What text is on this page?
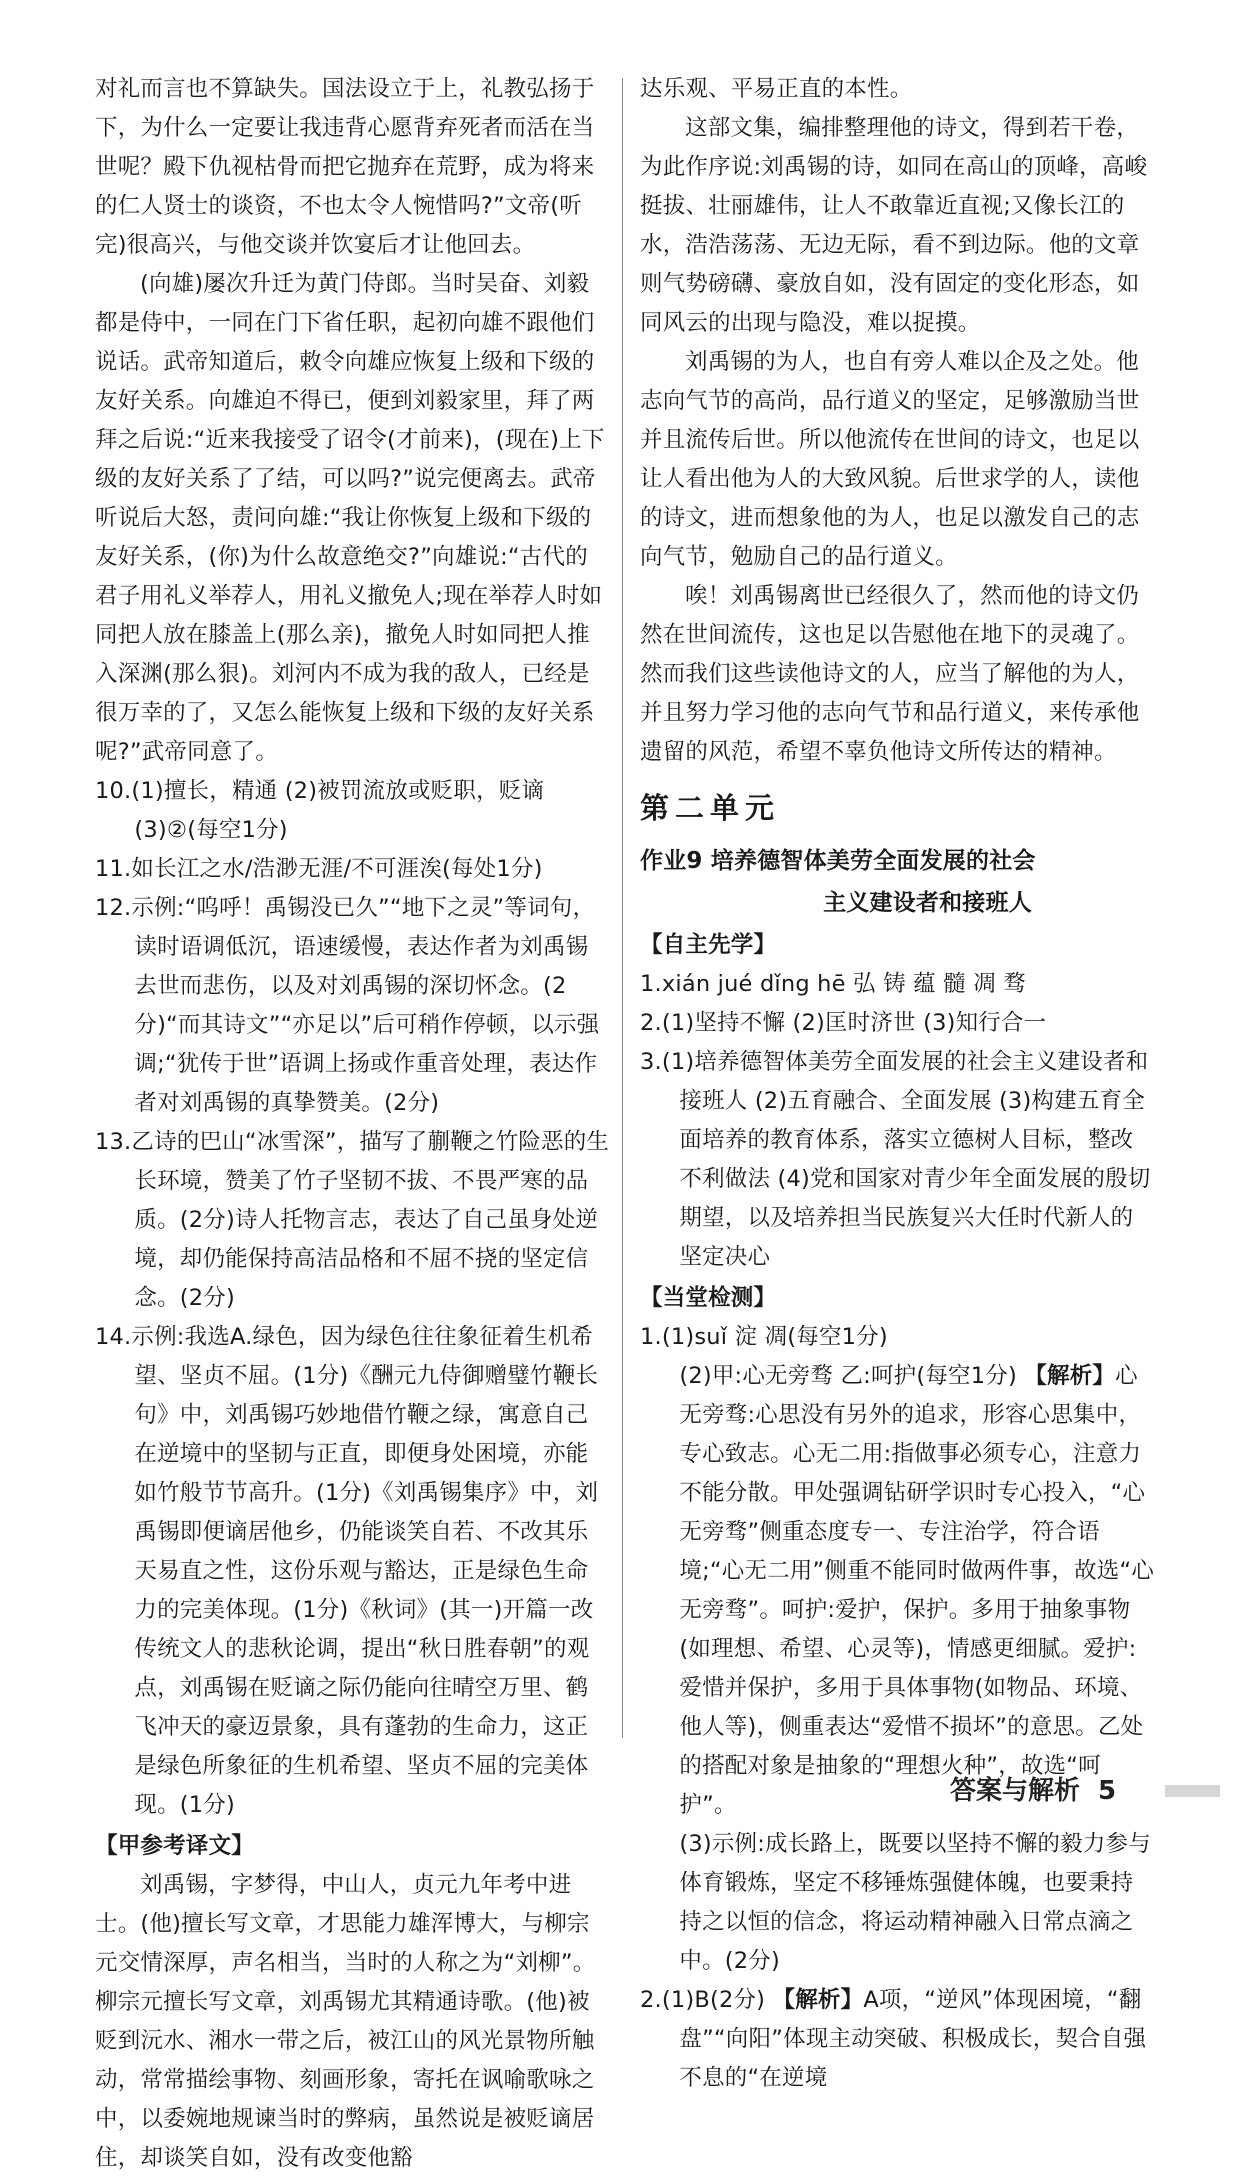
对礼而言也不算缺失。国法设立于上，礼教弘扬于下，为什么一定要让我违背心愿背弃死者而活在当世呢？殿下仇视枯骨而把它抛弃在荒野，成为将来的仁人贤士的谈资，不也太令人惋惜吗?”文帝(听完)很高兴，与他交谈并饮宴后才让他回去。

(向雄)屡次升迁为黄门侍郎。当时吴奋、刘毅都是侍中，一同在门下省任职，起初向雄不跟他们说话。武帝知道后，敕令向雄应恢复上级和下级的友好关系。向雄迫不得已，便到刘毅家里，拜了两拜之后说:“近来我接受了诏令(才前来)，(现在)上下级的友好关系了了结，可以吗?”说完便离去。武帝听说后大怒，责问向雄:“我让你恢复上级和下级的友好关系，(你)为什么故意绝交?”向雄说:“古代的君子用礼义举荐人，用礼义撤免人;现在举荐人时如同把人放在膝盖上(那么亲)，撤免人时如同把人推入深渊(那么狠)。刘河内不成为我的敌人，已经是很万幸的了，又怎么能恢复上级和下级的友好关系呢?”武帝同意了。

10.(1)擅长，精通 (2)被罚流放或贬职，贬谪 (3)②(每空1分)

11.如长江之水/浩渺无涯/不可涯涘(每处1分)

12.示例:“呜呼！禹锡没已久”“地下之灵”等词句，读时语调低沉，语速缓慢，表达作者为刘禹锡去世而悲伤，以及对刘禹锡的深切怀念。(2分)“而其诗文”“亦足以”后可稍作停顿，以示强调;“犹传于世”语调上扬或作重音处理，表达作者对刘禹锡的真挚赞美。(2分)

13.乙诗的巴山“冰雪深”，描写了蒯鞭之竹险恶的生长环境，赞美了竹子坚韧不拔、不畏严寒的品质。(2分)诗人托物言志，表达了自己虽身处逆境，却仍能保持高洁品格和不屈不挠的坚定信念。(2分)

14.示例:我选A.绿色，因为绿色往往象征着生机希望、坚贞不屈。(1分)《酬元九侍御赠璧竹鞭长句》中，刘禹锡巧妙地借竹鞭之绿，寓意自己在逆境中的坚韧与正直，即便身处困境，亦能如竹般节节高升。(1分)《刘禹锡集序》中，刘禹锡即便谪居他乡，仍能谈笑自若、不改其乐天易直之性，这份乐观与豁达，正是绿色生命力的完美体现。(1分)《秋词》(其一)开篇一改传统文人的悲秋论调，提出“秋日胜春朝”的观点，刘禹锡在贬谪之际仍能向往晴空万里、鹤飞冲天的豪迈景象，具有蓬勃的生命力，这正是绿色所象征的生机希望、坚贞不屈的完美体现。(1分)

【甲参考译文】

刘禹锡，字梦得，中山人，贞元九年考中进士。(他)擅长写文章，才思能力雄浑博大，与柳宗元交情深厚，声名相当，当时的人称之为“刘柳”。柳宗元擅长写文章，刘禹锡尤其精通诗歌。(他)被贬到沅水、湘水一带之后，被江山的风光景物所触动，常常描绘事物、刻画形象，寄托在讽喻歌咏之中，以委婉地规谏当时的弊病，虽然说是被贬谪居住，却谈笑自如，没有改变他豁

达乐观、平易正直的本性。

这部文集，编排整理他的诗文，得到若干卷，为此作序说:刘禹锡的诗，如同在高山的顶峰，高峻挺拔、壮丽雄伟，让人不敢靠近直视;又像长江的水，浩浩荡荡、无边无际，看不到边际。他的文章则气势磅礴、豪放自如，没有固定的变化形态，如同风云的出现与隐没，难以捉摸。

刘禹锡的为人，也自有旁人难以企及之处。他志向气节的高尚，品行道义的坚定，足够激励当世并且流传后世。所以他流传在世间的诗文，也足以让人看出他为人的大致风貌。后世求学的人，读他的诗文，进而想象他的为人，也足以激发自己的志向气节，勉励自己的品行道义。

唉！刘禹锡离世已经很久了，然而他的诗文仍然在世间流传，这也足以告慰他在地下的灵魂了。然而我们这些读他诗文的人，应当了解他的为人，并且努力学习他的志向气节和品行道义，来传承他遗留的风范，希望不辜负他诗文所传达的精神。

第二单元

作业9 培养德智体美劳全面发展的社会

主义建设者和接班人

【自主先学】

1.xián jué dǐng hē 弘 铸 蕴 髓 凋 骛

2.(1)坚持不懈 (2)匡时济世 (3)知行合一

3.(1)培养德智体美劳全面发展的社会主义建设者和接班人 (2)五育融合、全面发展 (3)构建五育全面培养的教育体系，落实立德树人目标，整改不利做法 (4)党和国家对青少年全面发展的殷切期望，以及培养担当民族复兴大任时代新人的坚定决心

【当堂检测】

1.(1)suǐ 淀 凋(每空1分)

(2)甲:心无旁骛 乙:呵护(每空1分) 【解析】心无旁骛:心思没有另外的追求，形容心思集中，专心致志。心无二用:指做事必须专心，注意力不能分散。甲处强调钻研学识时专心投入，“心无旁骛”侧重态度专一、专注治学，符合语境;“心无二用”侧重不能同时做两件事，故选“心无旁骛”。呵护:爱护，保护。多用于抽象事物(如理想、希望、心灵等)，情感更细腻。爱护:爱惜并保护，多用于具体事物(如物品、环境、他人等)，侧重表达“爱惜不损坏”的意思。乙处的搭配对象是抽象的“理想火种”，故选“呵护”。

(3)示例:成长路上，既要以坚持不懈的毅力参与体育锻炼，坚定不移锤炼强健体魄，也要秉持持之以恒的信念，将运动精神融入日常点滴之中。(2分)

2.(1)B(2分) 【解析】A项，“逆风”体现困境，“翻盘”“向阳”体现主动突破、积极成长，契合自强不息的“在逆境

答案与解析 5
